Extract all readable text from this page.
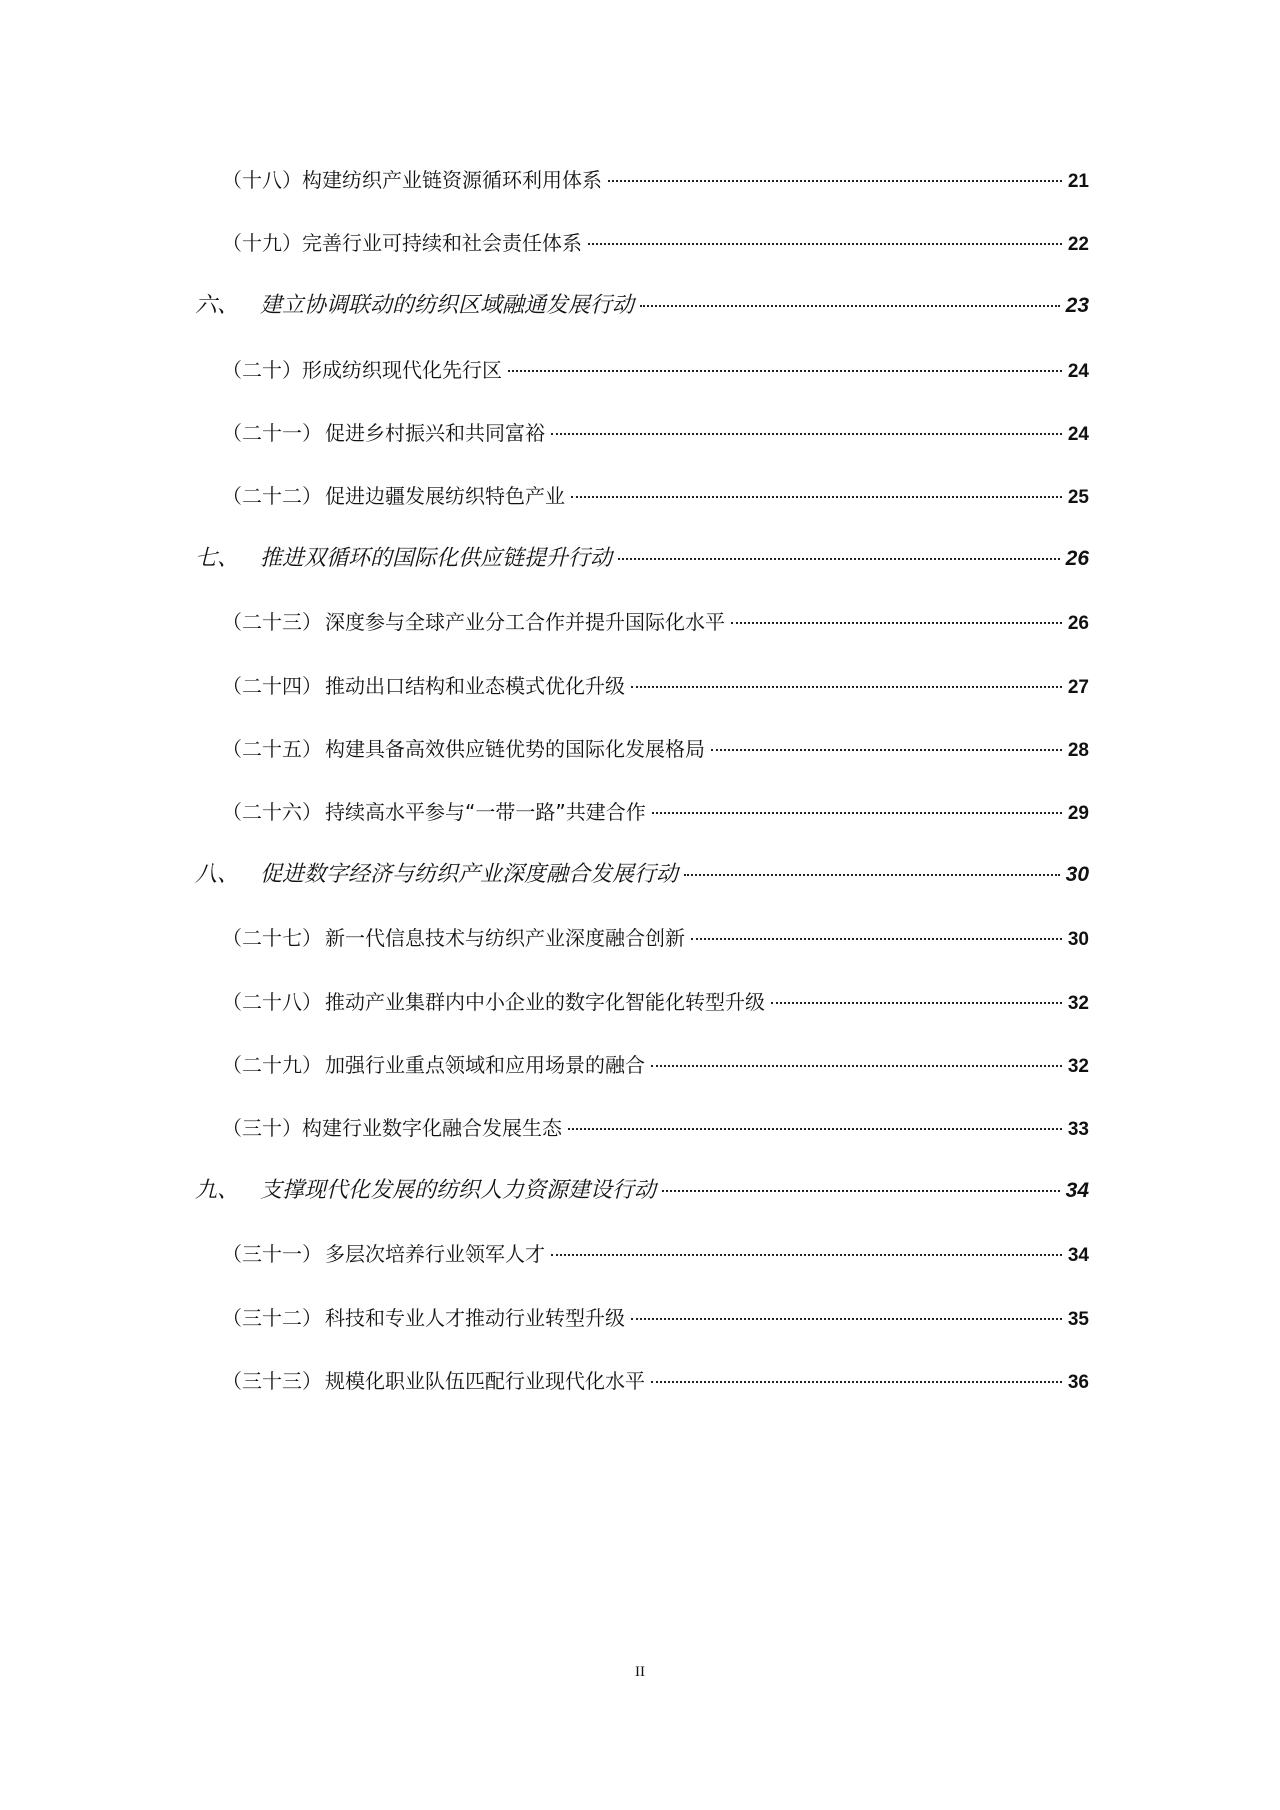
（十八） 构建纺织产业链资源循环利用体系	21
（十九） 完善行业可持续和社会责任体系	22
六、 建立协调联动的纺织区域融通发展行动	23
（二十） 形成纺织现代化先行区	24
（二十一） 促进乡村振兴和共同富裕	24
（二十二） 促进边疆发展纺织特色产业	25
七、 推进双循环的国际化供应链提升行动	26
（二十三） 深度参与全球产业分工合作并提升国际化水平	26
（二十四） 推动出口结构和业态模式优化升级	27
（二十五） 构建具备高效供应链优势的国际化发展格局	28
（二十六） 持续高水平参与“一带一路”共建合作	29
八、 促进数字经济与纺织产业深度融合发展行动	30
（二十七） 新一代信息技术与纺织产业深度融合创新	30
（二十八） 推动产业集群内中小企业的数字化智能化转型升级	32
（二十九） 加强行业重点领域和应用场景的融合	32
（三十） 构建行业数字化融合发展生态	33
九、 支撑现代化发展的纺织人力资源建设行动	34
（三十一） 多层次培养行业领军人才	34
（三十二） 科技和专业人才推动行业转型升级	35
（三十三） 规模化职业队伍匹配行业现代化水平	36
II
